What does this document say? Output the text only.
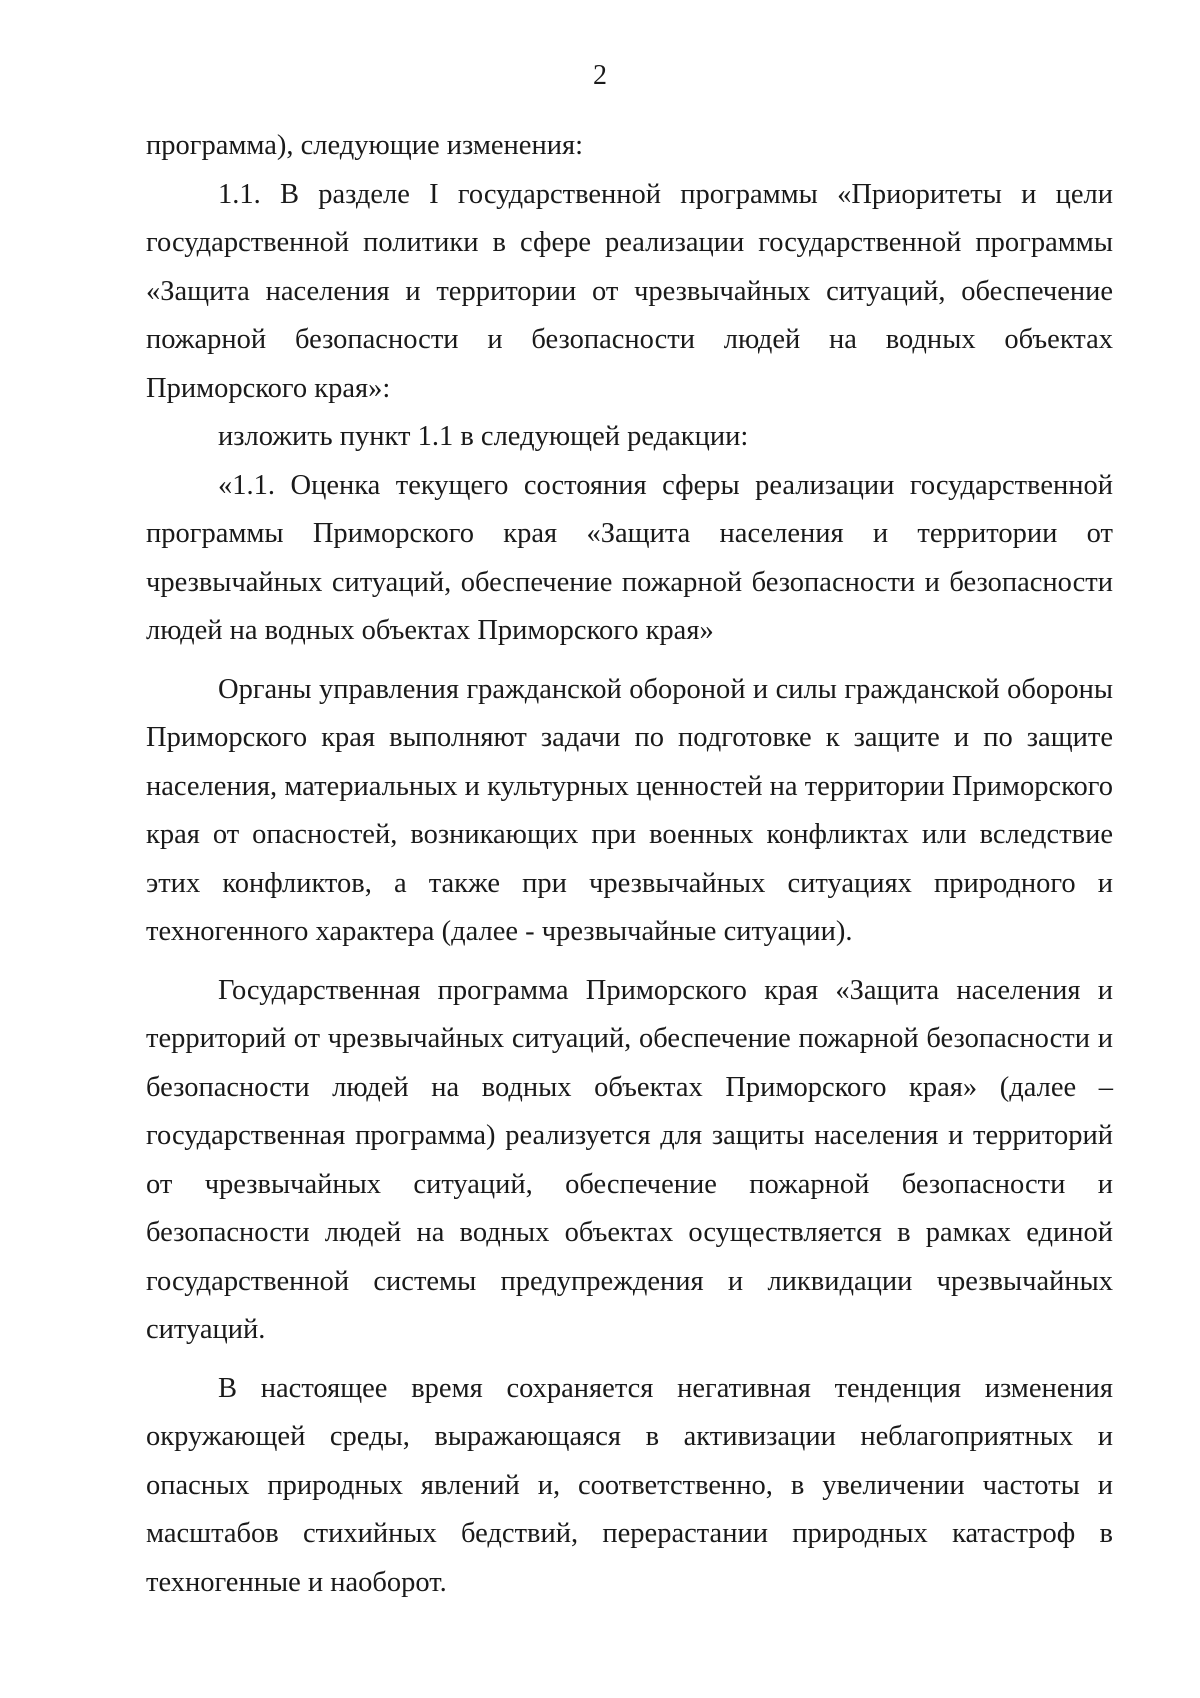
2

программа), следующие изменения:

1.1. В разделе I государственной программы «Приоритеты и цели государственной политики в сфере реализации государственной программы «Защита населения и территории от чрезвычайных ситуаций, обеспечение пожарной безопасности и безопасности людей на водных объектах Приморского края»:

изложить пункт 1.1 в следующей редакции:

«1.1. Оценка текущего состояния сферы реализации государственной программы Приморского края «Защита населения и территории от чрезвычайных ситуаций, обеспечение пожарной безопасности и безопасности людей на водных объектах Приморского края»

Органы управления гражданской обороной и силы гражданской обороны Приморского края выполняют задачи по подготовке к защите и по защите населения, материальных и культурных ценностей на территории Приморского края от опасностей, возникающих при военных конфликтах или вследствие этих конфликтов, а также при чрезвычайных ситуациях природного и техногенного характера (далее - чрезвычайные ситуации).

Государственная программа Приморского края «Защита населения и территорий от чрезвычайных ситуаций, обеспечение пожарной безопасности и безопасности людей на водных объектах Приморского края» (далее – государственная программа) реализуется для защиты населения и территорий от чрезвычайных ситуаций, обеспечение пожарной безопасности и безопасности людей на водных объектах осуществляется в рамках единой государственной системы предупреждения и ликвидации чрезвычайных ситуаций.

В настоящее время сохраняется негативная тенденция изменения окружающей среды, выражающаяся в активизации неблагоприятных и опасных природных явлений и, соответственно, в увеличении частоты и масштабов стихийных бедствий, перерастании природных катастроф в техногенные и наоборот.
